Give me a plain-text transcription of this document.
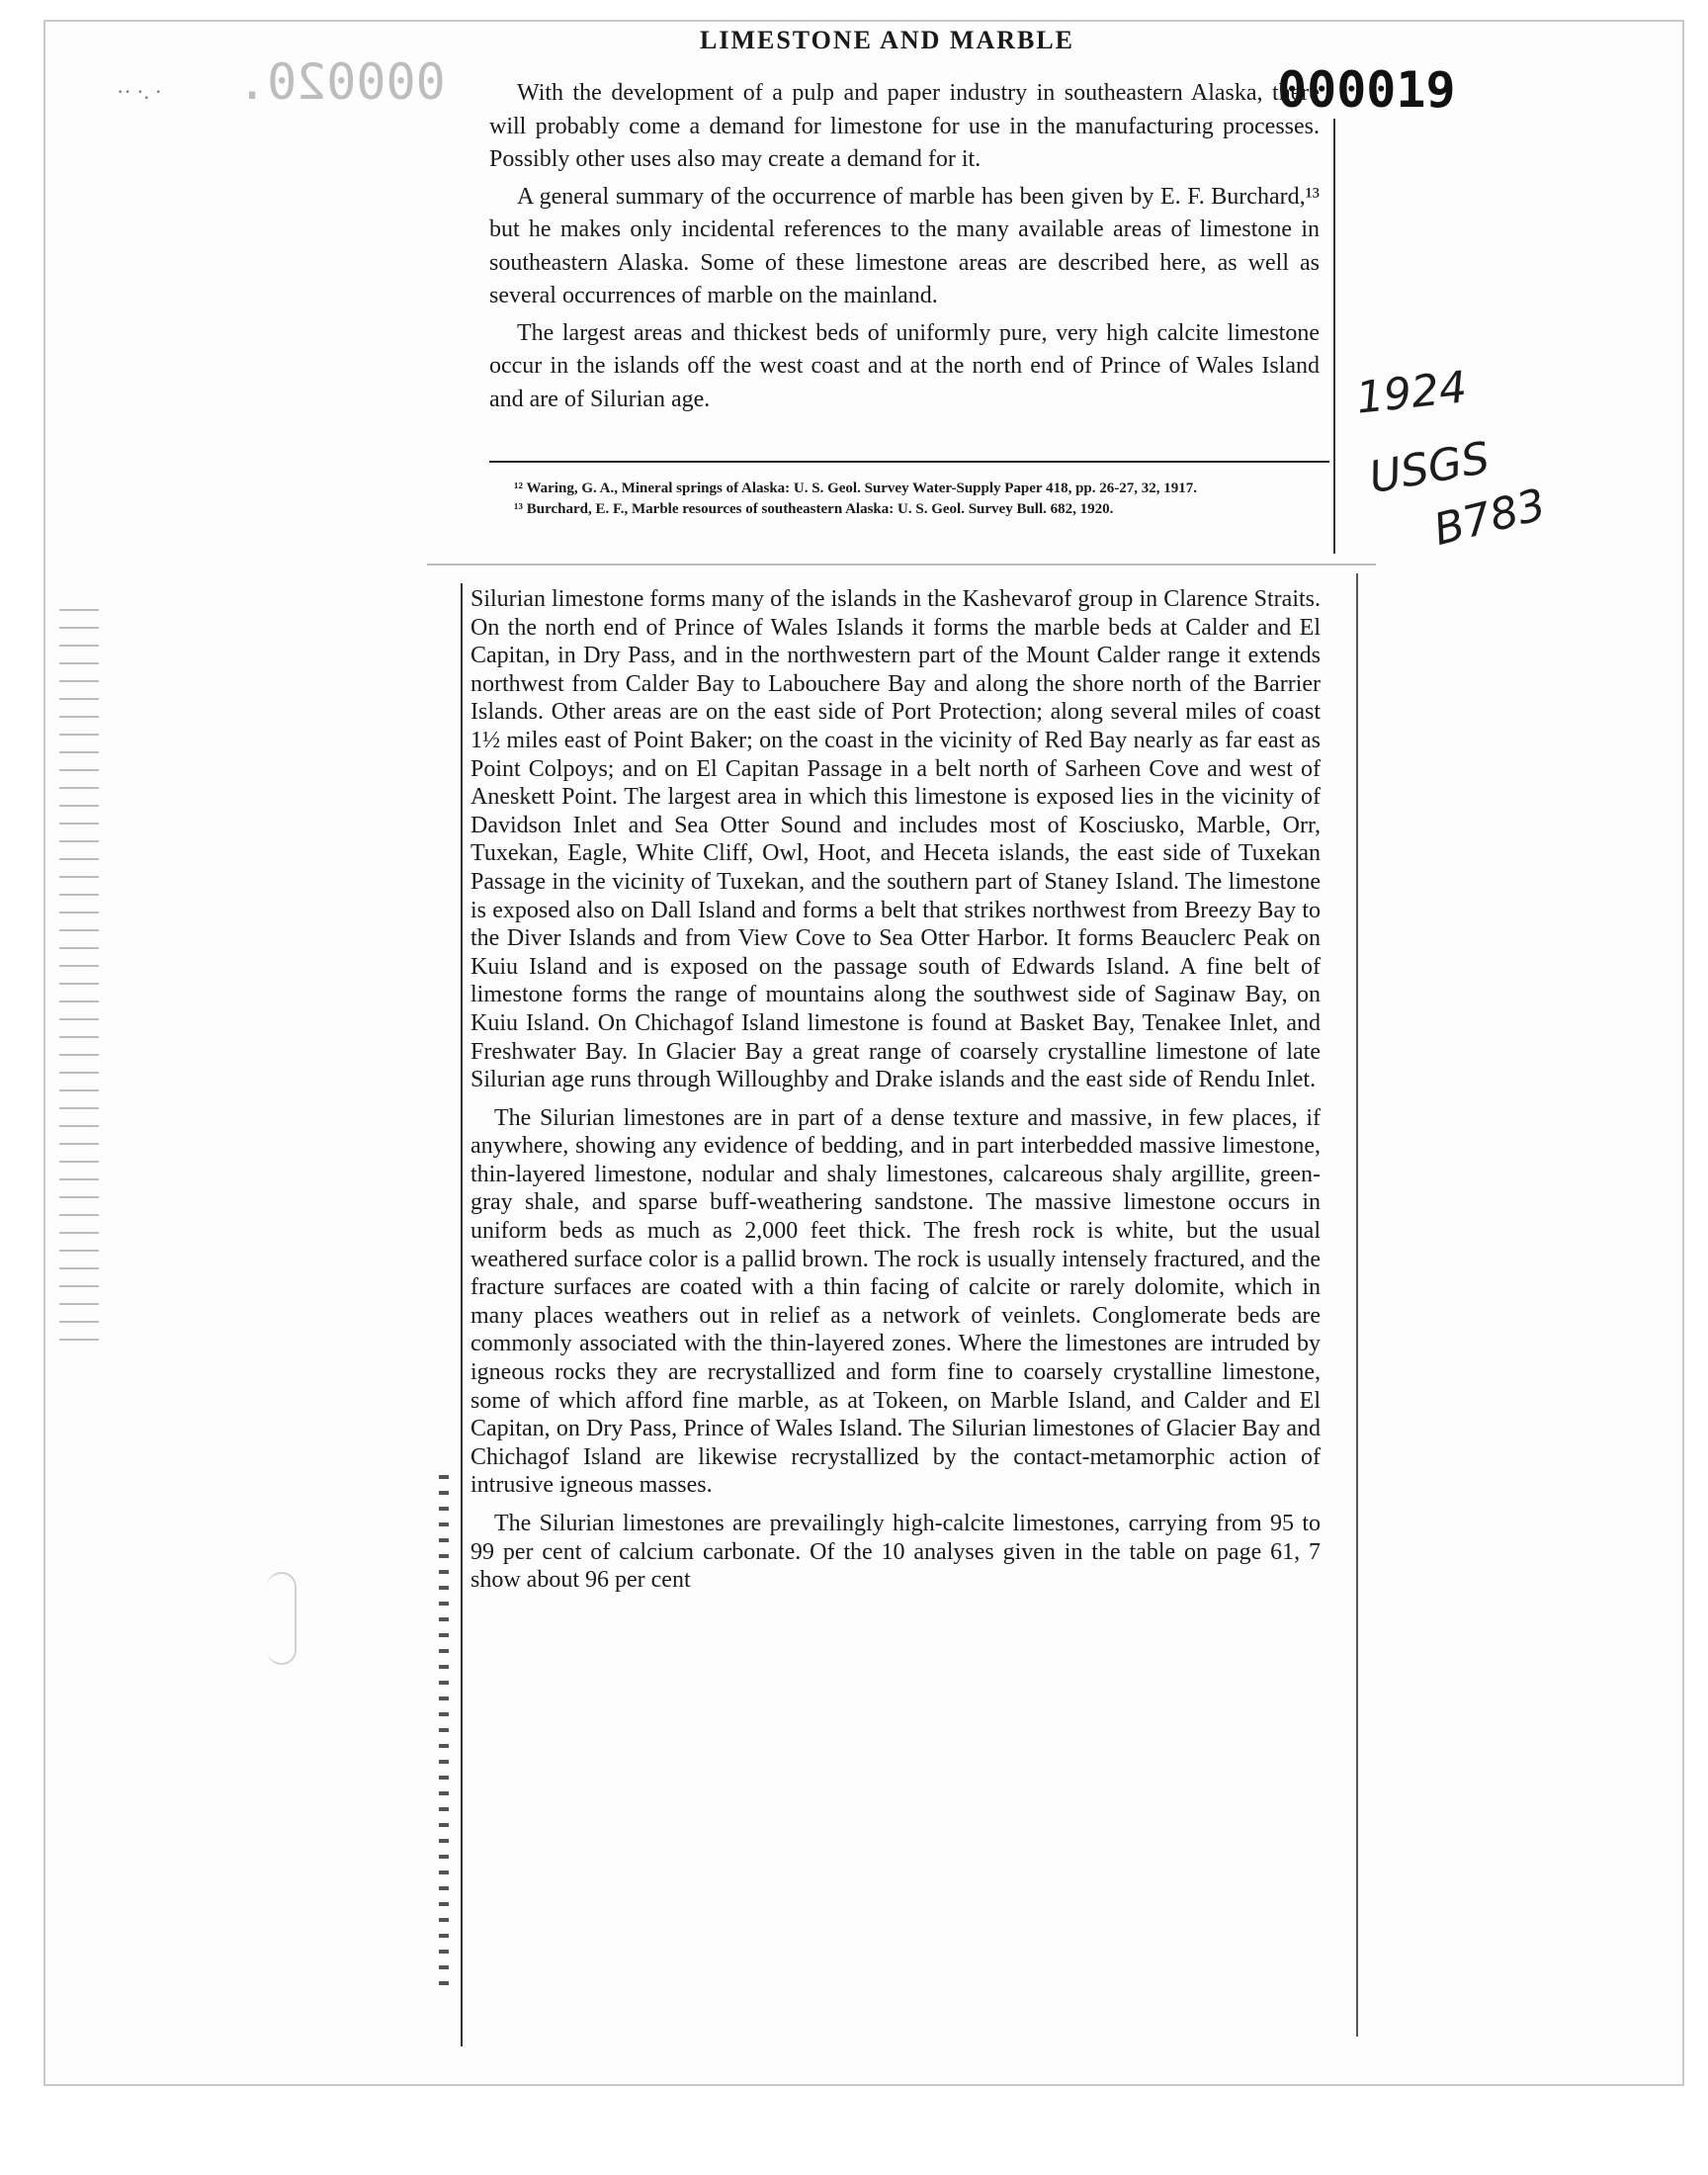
·· ·. · 000020.	000019
LIMESTONE AND MARBLE

With the development of a pulp and paper industry in southeastern Alaska, there will probably come a demand for limestone for use in the manufacturing processes. Possibly other uses also may create a demand for it.

A general summary of the occurrence of marble has been given by E. F. Burchard,¹³ but he makes only incidental references to the many available areas of limestone in southeastern Alaska. Some of these limestone areas are described here, as well as several occurrences of marble on the mainland.

The largest areas and thickest beds of uniformly pure, very high calcite limestone occur in the islands off the west coast and at the north end of Prince of Wales Island and are of Silurian age.

¹² Waring, G. A., Mineral springs of Alaska: U. S. Geol. Survey Water-Supply Paper 418, pp. 26-27, 32, 1917.

¹³ Burchard, E. F., Marble resources of southeastern Alaska: U. S. Geol. Survey Bull. 682, 1920.

1924
USGS
B783

Silurian limestone forms many of the islands in the Kashevarof group in Clarence Straits. On the north end of Prince of Wales Islands it forms the marble beds at Calder and El Capitan, in Dry Pass, and in the northwestern part of the Mount Calder range it extends northwest from Calder Bay to Labouchere Bay and along the shore north of the Barrier Islands. Other areas are on the east side of Port Protection; along several miles of coast 1½ miles east of Point Baker; on the coast in the vicinity of Red Bay nearly as far east as Point Colpoys; and on El Capitan Passage in a belt north of Sarheen Cove and west of Aneskett Point. The largest area in which this limestone is exposed lies in the vicinity of Davidson Inlet and Sea Otter Sound and includes most of Kosciusko, Marble, Orr, Tuxekan, Eagle, White Cliff, Owl, Hoot, and Heceta islands, the east side of Tuxekan Passage in the vicinity of Tuxekan, and the southern part of Staney Island. The limestone is exposed also on Dall Island and forms a belt that strikes northwest from Breezy Bay to the Diver Islands and from View Cove to Sea Otter Harbor. It forms Beauclerc Peak on Kuiu Island and is exposed on the passage south of Edwards Island. A fine belt of limestone forms the range of mountains along the southwest side of Saginaw Bay, on Kuiu Island. On Chichagof Island limestone is found at Basket Bay, Tenakee Inlet, and Freshwater Bay. In Glacier Bay a great range of coarsely crystalline limestone of late Silurian age runs through Willoughby and Drake islands and the east side of Rendu Inlet.

The Silurian limestones are in part of a dense texture and massive, in few places, if anywhere, showing any evidence of bedding, and in part interbedded massive limestone, thin-layered limestone, nodular and shaly limestones, calcareous shaly argillite, green-gray shale, and sparse buff-weathering sandstone. The massive limestone occurs in uniform beds as much as 2,000 feet thick. The fresh rock is white, but the usual weathered surface color is a pallid brown. The rock is usually intensely fractured, and the fracture surfaces are coated with a thin facing of calcite or rarely dolomite, which in many places weathers out in relief as a network of veinlets. Conglomerate beds are commonly associated with the thin-layered zones. Where the limestones are intruded by igneous rocks they are recrystallized and form fine to coarsely crystalline limestone, some of which afford fine marble, as at Tokeen, on Marble Island, and Calder and El Capitan, on Dry Pass, Prince of Wales Island. The Silurian limestones of Glacier Bay and Chichagof Island are likewise recrystallized by the contact-metamorphic action of intrusive igneous masses.

The Silurian limestones are prevailingly high-calcite limestones, carrying from 95 to 99 per cent of calcium carbonate. Of the 10 analyses given in the table on page 61, 7 show about 96 per cent
